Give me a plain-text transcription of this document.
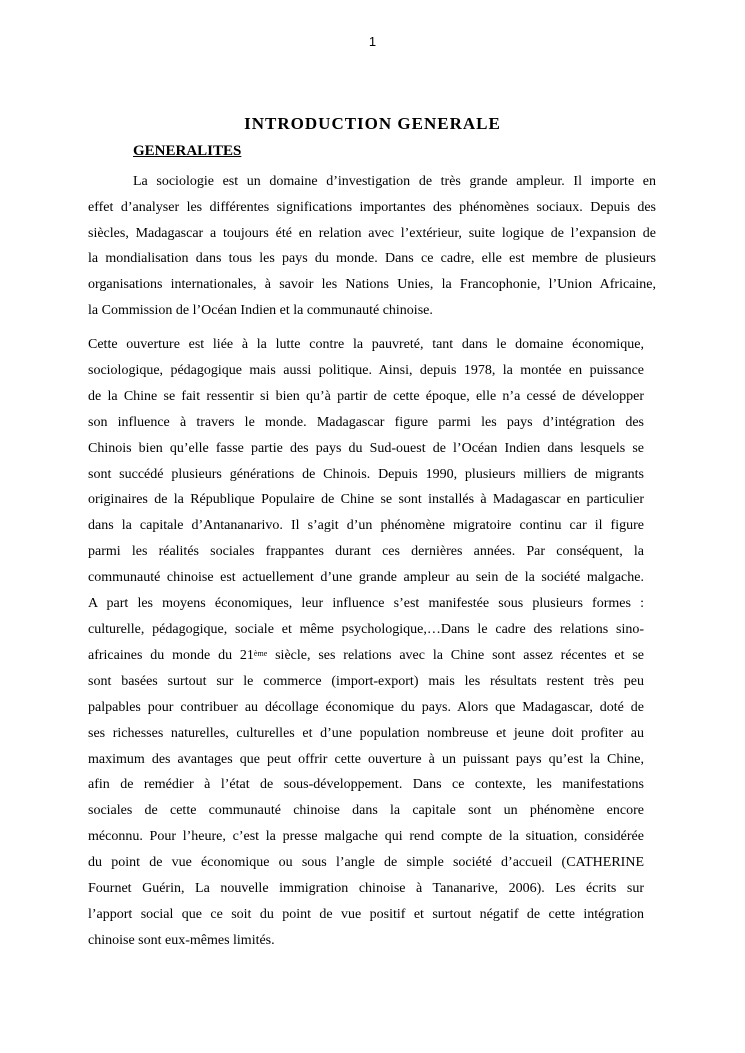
1
INTRODUCTION GENERALE
GENERALITES
La sociologie est un domaine d’investigation de très grande ampleur. Il importe en
effet d’analyser les différentes significations importantes des phénomènes sociaux. Depuis des
siècles, Madagascar a toujours été en relation avec l’extérieur, suite logique de l’expansion de
la mondialisation dans tous les pays du monde. Dans ce cadre, elle est membre de plusieurs
organisations internationales, à savoir les Nations Unies, la Francophonie, l’Union Africaine,
la Commission de l’Océan Indien et la communauté chinoise.
Cette ouverture est liée à la lutte contre la pauvreté, tant dans le domaine économique,
sociologique, pédagogique mais aussi politique. Ainsi, depuis 1978, la montée en puissance
de la Chine se fait ressentir si bien qu’à partir de cette époque, elle n’a cessé de développer
son influence à travers le monde. Madagascar figure parmi les pays d’intégration des
Chinois bien qu’elle fasse partie des pays du Sud-ouest de l’Océan Indien dans lesquels se
sont succédé plusieurs générations de Chinois. Depuis 1990, plusieurs milliers de migrants
originaires de la République Populaire de Chine se sont installés à Madagascar en particulier
dans la capitale d’Antananarivo. Il s’agit d’un phénomène migratoire continu car il figure
parmi les réalités sociales frappantes durant ces dernières années. Par conséquent, la
communauté chinoise est actuellement d’une grande ampleur au sein de la société malgache.
A part les moyens économiques, leur influence s’est manifestée sous plusieurs formes :
culturelle, pédagogique, sociale et même psychologique,…Dans le cadre des relations sino-
africaines du monde du 21ème siècle, ses relations avec la Chine sont assez récentes et se
sont basées surtout sur le commerce (import-export) mais les résultats restent très peu
palpables pour contribuer au décollage économique du pays. Alors que Madagascar, doté de
ses richesses naturelles, culturelles et d’une population nombreuse et jeune doit profiter au
maximum des avantages que peut offrir cette ouverture à un puissant pays qu’est la Chine,
afin de remédier à l’état de sous-développement. Dans ce contexte, les manifestations
sociales de cette communauté chinoise dans la capitale sont un phénomène encore
méconnu. Pour l’heure, c’est la presse malgache qui rend compte de la situation, considérée
du point de vue économique ou sous l’angle de simple société d’accueil (CATHERINE
Fournet Guérin, La nouvelle immigration chinoise à Tananarive, 2006). Les écrits sur
l’apport social que ce soit du point de vue positif et surtout négatif de cette intégration
chinoise sont eux-mêmes limités.
